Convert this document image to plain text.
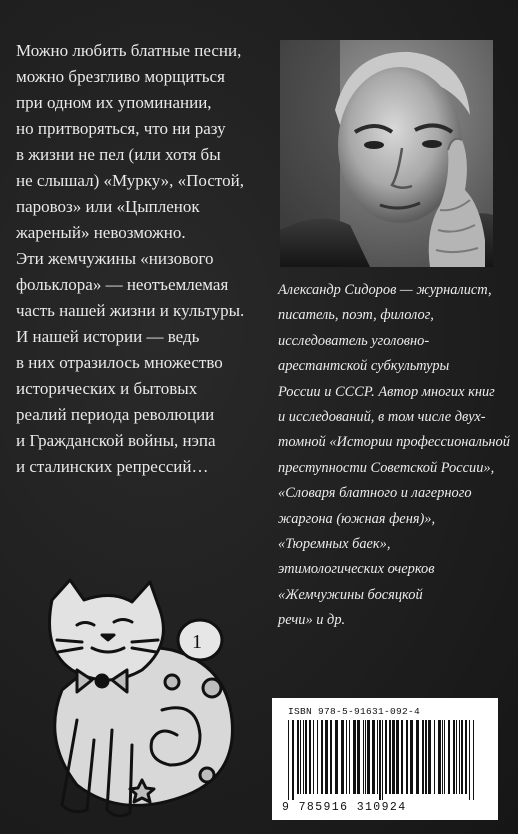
Можно любить блатные песни,
можно брезгливо морщиться
при одном их упоминании,
но притворяться, что ни разу
в жизни не пел (или хотя бы
не слышал) «Мурку», «Постой,
паровоз» или «Цыпленок
жареный» невозможно.
Эти жемчужины «низового
фольклора» — неотъемлемая
часть нашей жизни и культуры.
И нашей истории — ведь
в них отразилось множество
исторических и бытовых
реалий периода революции
и Гражданской войны, нэпа
и сталинских репрессий…

Александр Сидоров — журналист,
писатель, поэт, филолог,
исследователь уголовно-
арестантской субкультуры
России и СССР. Автор многих книг
и исследований, в том числе двух-
томной «Истории профессиональной
преступности Советской России»,
«Словаря блатного и лагерного
жаргона (южная феня)»,
«Тюремных баек»,
этимологических очерков
«Жемчужины босяцкой
речи» и др.
1
ISBN 978-5-91631-092-4
9 785916 310924
